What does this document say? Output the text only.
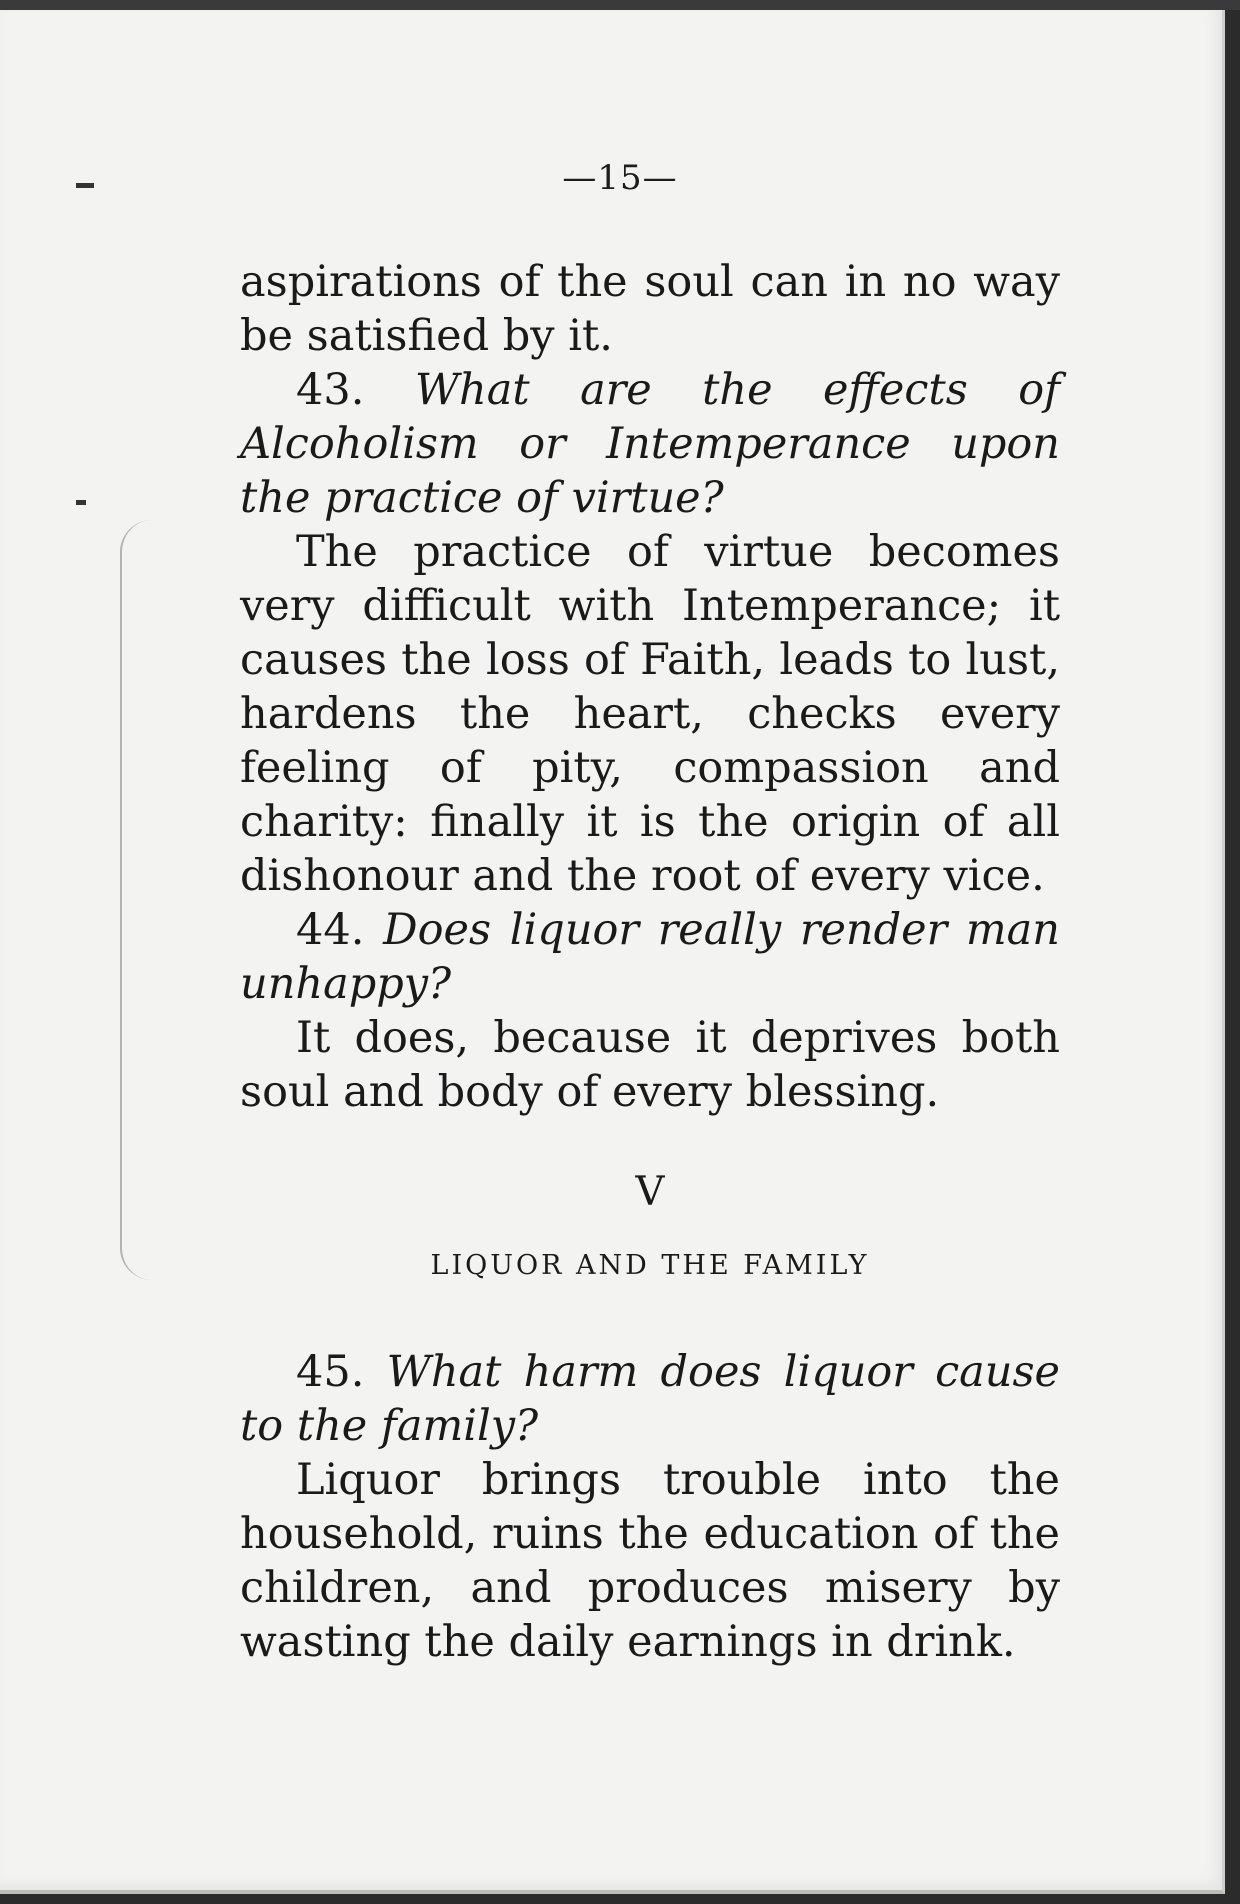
—15—

aspirations of the soul can in no way be satisfied by it.

43. What are the effects of Alcoholism or Intemperance upon the practice of virtue?

The practice of virtue becomes very difficult with Intemperance; it causes the loss of Faith, leads to lust, hardens the heart, checks every feeling of pity, compassion and charity: finally it is the origin of all dishonour and the root of every vice.

44. Does liquor really render man unhappy?

It does, because it deprives both soul and body of every blessing.

V
LIQUOR AND THE FAMILY

45. What harm does liquor cause to the family?

Liquor brings trouble into the household, ruins the education of the children, and produces misery by wasting the daily earnings in drink.
